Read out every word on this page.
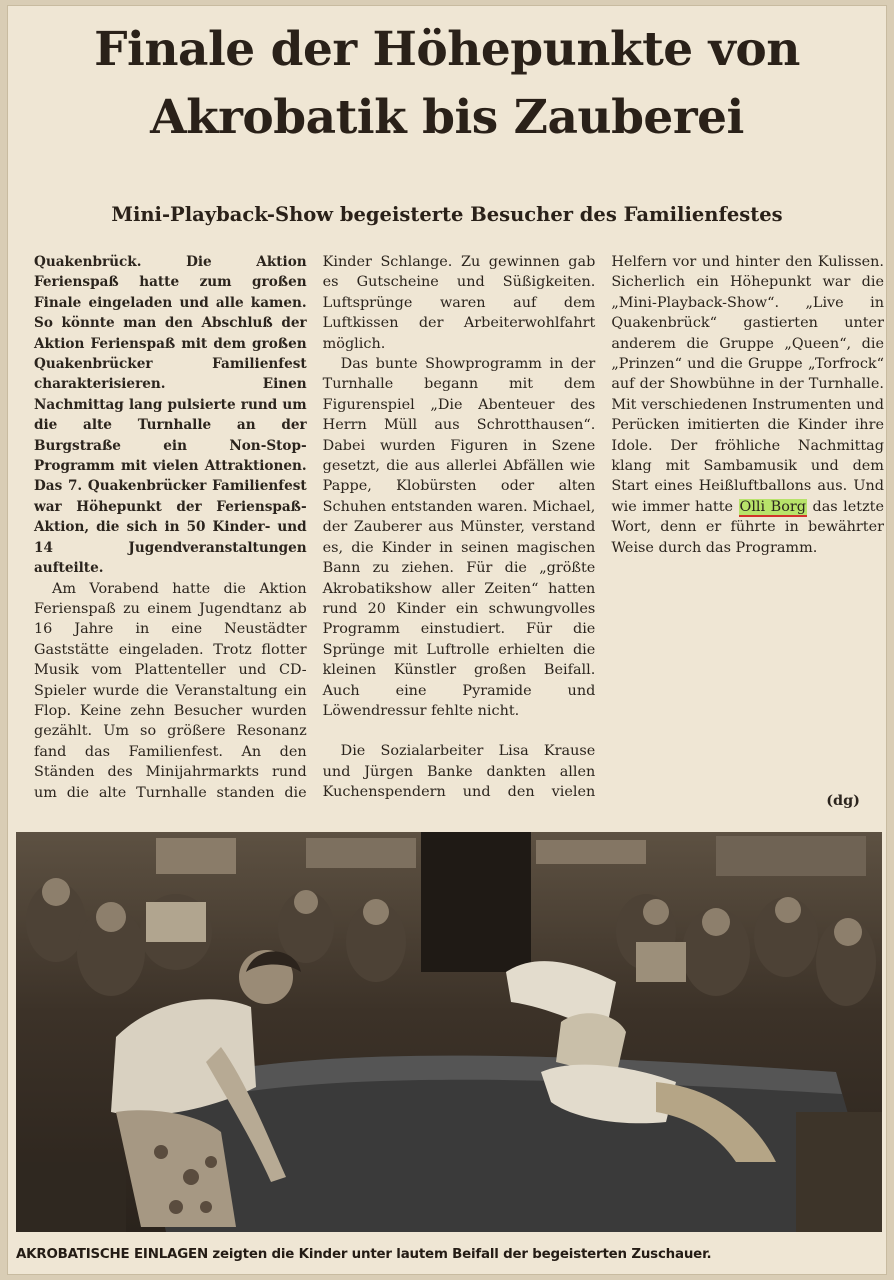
Finale der Höhepunkte von
Akrobatik bis Zauberei
Mini-Playback-Show begeisterte Besucher des Familienfestes

Quakenbrück. Die Aktion Ferienspaß hatte zum großen Finale eingeladen und alle kamen. So könnte man den Abschluß der Aktion Ferienspaß mit dem großen Quakenbrücker Familienfest charakterisieren. Einen Nachmittag lang pulsierte rund um die alte Turnhalle an der Burgstraße ein Non-Stop-Programm mit vielen Attraktionen. Das 7. Quakenbrücker Familienfest war Höhepunkt der Ferienspaß-Aktion, die sich in 50 Kinder- und 14 Jugendveranstaltungen aufteilte.

Am Vorabend hatte die Aktion Ferienspaß zu einem Jugendtanz ab 16 Jahre in eine Neustädter Gaststätte eingeladen. Trotz flotter Musik vom Plattenteller und CD-Spieler wurde die Veranstaltung ein Flop. Keine zehn Besucher wurden gezählt. Um so größere Resonanz fand das Familienfest. An den Ständen des Minijahrmarkts rund um die alte Turnhalle standen die Kinder Schlange. Zu gewinnen gab es Gutscheine und Süßigkeiten. Luftsprünge waren auf dem Luftkissen der Arbeiterwohlfahrt möglich.

Das bunte Showprogramm in der Turnhalle begann mit dem Figurenspiel „Die Abenteuer des Herrn Müll aus Schrotthausen“. Dabei wurden Figuren in Szene gesetzt, die aus allerlei Abfällen wie Pappe, Klobürsten oder alten Schuhen entstanden waren. Michael, der Zauberer aus Münster, verstand es, die Kinder in seinen magischen Bann zu ziehen. Für die „größte Akrobatikshow aller Zeiten“ hatten rund 20 Kinder ein schwungvolles Programm einstudiert. Für die Sprünge mit Luftrolle erhielten die kleinen Künstler großen Beifall. Auch eine Pyramide und Löwendressur fehlte nicht.

Die Sozialarbeiter Lisa Krause und Jürgen Banke dankten allen Kuchenspendern und den vielen Helfern vor und hinter den Kulissen. Sicherlich ein Höhepunkt war die „Mini-Playback-Show“. „Live in Quakenbrück“ gastierten unter anderem die Gruppe „Queen“, die „Prinzen“ und die Gruppe „Torfrock“ auf der Showbühne in der Turnhalle. Mit verschiedenen Instrumenten und Perücken imitierten die Kinder ihre Idole. Der fröhliche Nachmittag klang mit Sambamusik und dem Start eines Heißluftballons aus. Und wie immer hatte Olli Borg das letzte Wort, denn er führte in bewährter Weise durch das Programm.

(dg)

AKROBATISCHE EINLAGEN zeigten die Kinder unter lautem Beifall der begeisterten Zuschauer.
